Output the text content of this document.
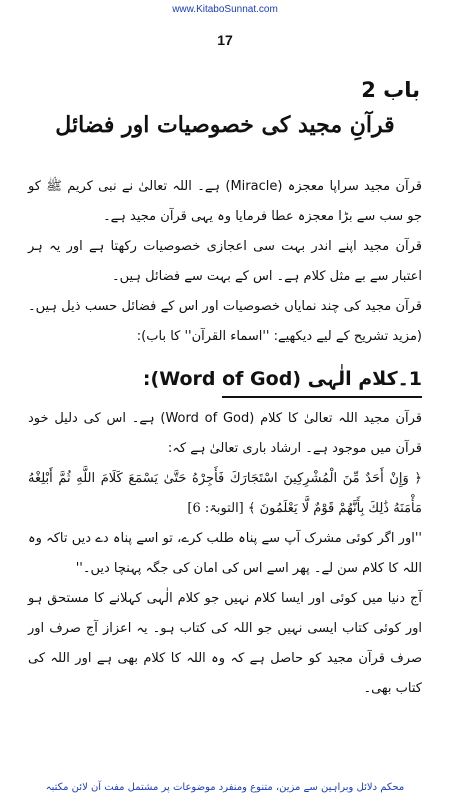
www.KitaboSunnat.com
17
باب 2
قرآنِ مجید کی خصوصیات اور فضائل

قرآن مجید سراپا معجزہ (Miracle) ہے۔ اللہ تعالیٰ نے نبی کریم ﷺ کو جو سب سے بڑا معجزہ عطا فرمایا وہ یہی قرآن مجید ہے۔

قرآن مجید اپنے اندر بہت سی اعجازی خصوصیات رکھتا ہے اور یہ ہر اعتبار سے بے مثل کلام ہے۔ اس کے بہت سے فضائل ہیں۔

قرآن مجید کی چند نمایاں خصوصیات اور اس کے فضائل حسب ذیل ہیں۔ (مزید تشریح کے لیے دیکھیے: ''اسماء القرآن'' کا باب):

1۔کلام الٰہی (Word of God):

قرآن مجید اللہ تعالیٰ کا کلام (Word of God) ہے۔ اس کی دلیل خود قرآن میں موجود ہے۔ ارشاد باری تعالیٰ ہے کہ:

﴿ وَإِنْ أَحَدٌ مِّنَ الْمُشْرِكِينَ اسْتَجَارَكَ فَأَجِرْهُ حَتَّىٰ يَسْمَعَ كَلَامَ اللَّهِ ثُمَّ أَبْلِغْهُ مَأْمَنَهُ ذَٰلِكَ بِأَنَّهُمْ قَوْمٌ لَّا يَعْلَمُونَ ﴾ [التوبۃ: 6]

''اور اگر کوئی مشرک آپ سے پناہ طلب کرے، تو اسے پناہ دے دیں تاکہ وہ اللہ کا کلام سن لے۔ پھر اسے اس کی امان کی جگہ پہنچا دیں۔''

آج دنیا میں کوئی اور ایسا کلام نہیں جو کلام الٰہی کہلانے کا مستحق ہو اور کوئی کتاب ایسی نہیں جو اللہ کی کتاب ہو۔ یہ اعزاز آج صرف اور صرف قرآن مجید کو حاصل ہے کہ وہ اللہ کا کلام بھی ہے اور اللہ کی کتاب بھی۔

محکم دلائل وبراہین سے مزین، متنوع ومنفرد موضوعات پر مشتمل مفت آن لائن مکتبہ
